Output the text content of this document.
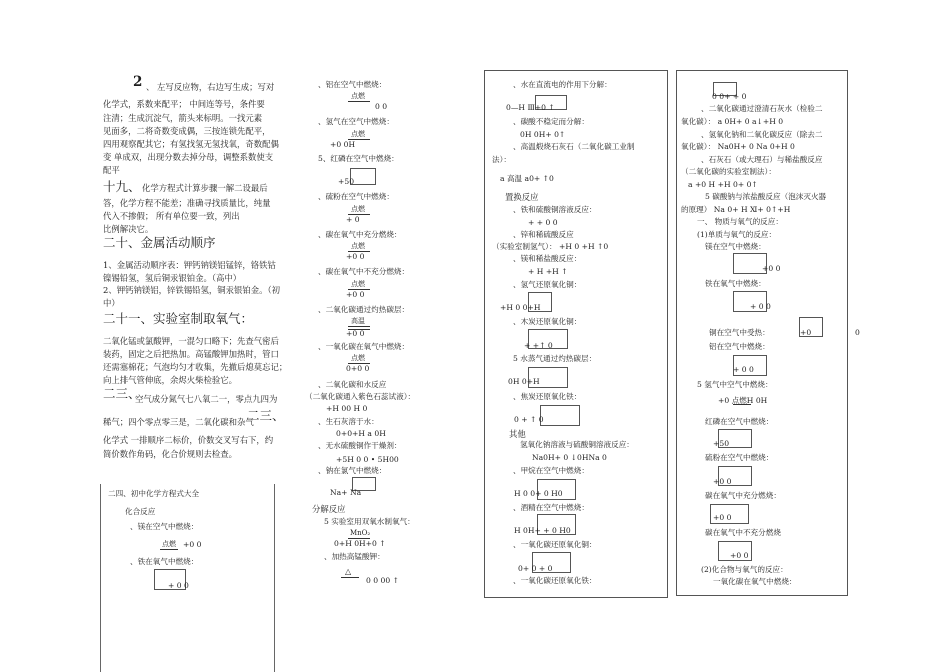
2 、 左写反应物，右边写生成；写对
化学式，系数来配平； 中间连等号，条件要
注清；生成沉淀气，箭头来标明。一找元素
见面多，二将奇数变成偶，三按连锁先配平，
四用观察配其它；有氢找氢无氢找氧，奇数配偶
变 单成双，出现分数去掉分母，调整系数使支
配平
十九、 化学方程式计算步骤一解二设最后
答，化学方程不能差；准确寻找质量比，纯量
代入不掺假； 所有单位要一致，列出
比例解决它。
二十、金属活动顺序
1、金属活动顺序表：钾钙钠镁铝锰锌，铬铁钴
镍锡铅氢，氢后铜汞银铂金。（高中）
2、钾钙钠镁铝，锌铁锡铅氢，铜汞银铂金。（初
中）
二十一、实验室制取氧气：
二氧化锰或氯酸钾，一混匀口略下；先查气密后
装药，固定之后把热加。高锰酸钾加热时，管口
还需塞棉花；气泡均匀才收集，先撤后熄莫忘记；
向上排气管伸底，余烬火柴检验它。
二三、
空气成分氮气七八氧二一，零点九四为
稀气；四个零点零三是，二氧化碳和杂气
二三、
化学式 一排顺序二标价，价数交叉写右下，约
简价数作角码，化合价规则去检查。
二四、初中化学方程式大全
化合反应
、镁在空气中燃烧：
点燃 +0 0
、铁在氧气中燃烧：
+ 0 0
、铝在空气中燃烧：
点燃
0 0
、氢气在空气中燃烧：
点燃
+0 0H
5、红磷在空气中燃烧：
+50
、硫粉在空气中燃烧：
点燃
+ 0
、碳在氧气中充分燃烧：
点燃
+0 0
、碳在氧气中不充分燃烧：
点燃
+0 0
、二氧化碳通过灼热碳层：
高温
+0 0
、一氧化碳在氧气中燃烧：
点燃
0+0 0
、二氧化碳和水反应
（二氧化碳通入紫色石蕊试液）：
+H 00 H 0
、生石灰溶于水：
0+0+H a 0H
、无水硫酸铜作干燥剂：
+5H 0 0 • 5H00
、钠在氯气中燃烧：
Na+ Na
分解反应
5 实验室用双氧水制氧气：
MnO₂
0+H 0H+0 ↑
、加热高锰酸钾：
△
0 0 00 ↑
、水在直流电的作用下分解：
0—H Ⅲ+0 ↑
、碳酸不稳定而分解：
0H 0H+ 0↑
、高温煅烧石灰石（二氧化碳工业制
法）：
a 高温 a0+ ↑0
置换反应
、铁和硫酸铜溶液反应：
+ + 0 0
、锌和稀硫酸反应
（实验室制氢气）： +H 0 +H ↑0
、镁和稀盐酸反应：
+ H +H ↑
、氢气还原氧化铜：
+H 0 0+H
、木炭还原氧化铜：
+ +↑ 0
5 水蒸气通过灼热碳层：
0H 0+H
、焦炭还原氧化铁：
0 + ↑ 0
其他
氢氧化钠溶液与硫酸铜溶液反应：
Na0H+ 0 ↓0HNa 0
、甲烷在空气中燃烧：
H 0 0+ 0 H0
、酒精在空气中燃烧：
H 0H+ + 0 H0
、一氧化碳还原氧化铜：
0+ 0 + 0
、一氧化碳还原氧化铁：
0 0+ + 0
、二氧化碳通过澄清石灰水（检验二
氧化碳）： a 0H+ 0 a↓+H 0
、氢氧化钠和二氧化碳反应（除去二
氧化碳）： Na0H+ 0 Na 0+H 0
、石灰石（或大理石）与稀盐酸反应
（二氧化碳的实验室制法）：
a +0 H +H 0+ 0↑
5 碳酸钠与浓盐酸反应（泡沫灭火器
的原理） Na 0+ H Ⅺ+ 0↑+H
一、 物质与氧气的反应：
(1)单质与氧气的反应：
镁在空气中燃烧：
+0 0
铁在氧气中燃烧：
+ 0 0
铜在空气中受热：	+0	0
铝在空气中燃烧：
+ 0 0
5 氢气中空气中燃烧：
+0 点燃H 0H
红磷在空气中燃烧：
+50
硫粉在空气中燃烧：
+0 0
碳在氧气中充分燃烧：
+0 0
碳在氧气中不充分燃烧
+0 0
(2)化合物与氧气的反应：
一氧化碳在氧气中燃烧：
